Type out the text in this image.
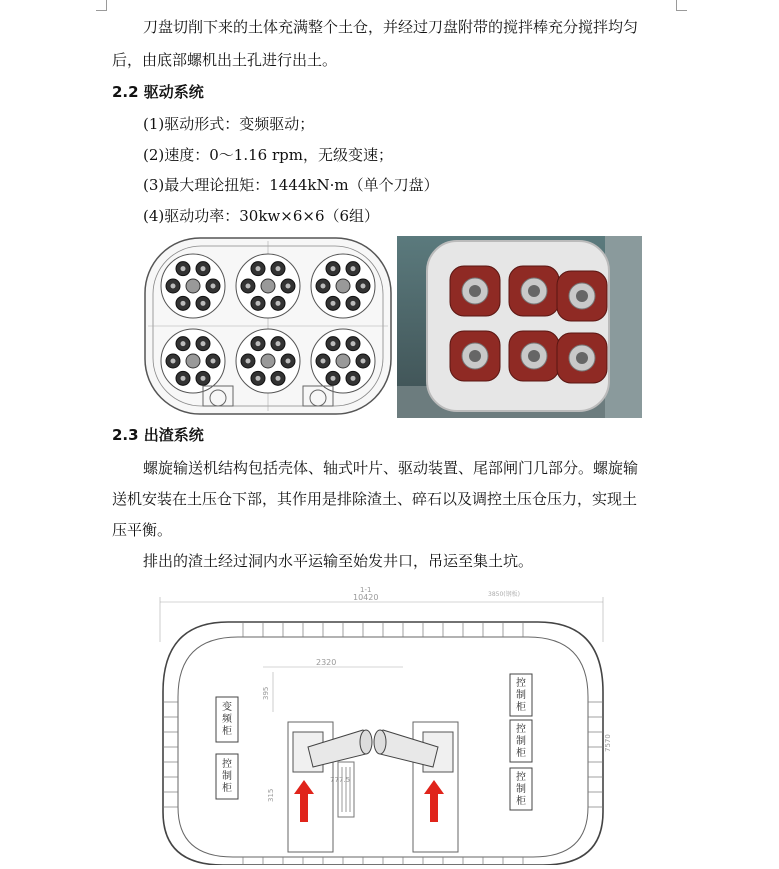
刀盘切削下来的土体充满整个土仓，并经过刀盘附带的搅拌棒充分搅拌均匀
后，由底部螺机出土孔进行出土。
2.2 驱动系统
(1)驱动形式：变频驱动；
(2)速度：0～1.16 rpm，无级变速；
(3)最大理论扭矩：1444kN·m（单个刀盘）
(4)驱动功率：30kw×6×6（6组）
2.3 出渣系统
螺旋输送机结构包括壳体、轴式叶片、驱动装置、尾部闸门几部分。螺旋输
送机安装在土压仓下部，其作用是排除渣土、碎石以及调控土压仓压力，实现土
压平衡。
排出的渣土经过洞内水平运输至始发井口，吊运至集土坑。
1-1
10420	3850(钢板)
2320
395
315
777.5
7570
变频柜
控制柜
控制柜
控制柜
控制柜
